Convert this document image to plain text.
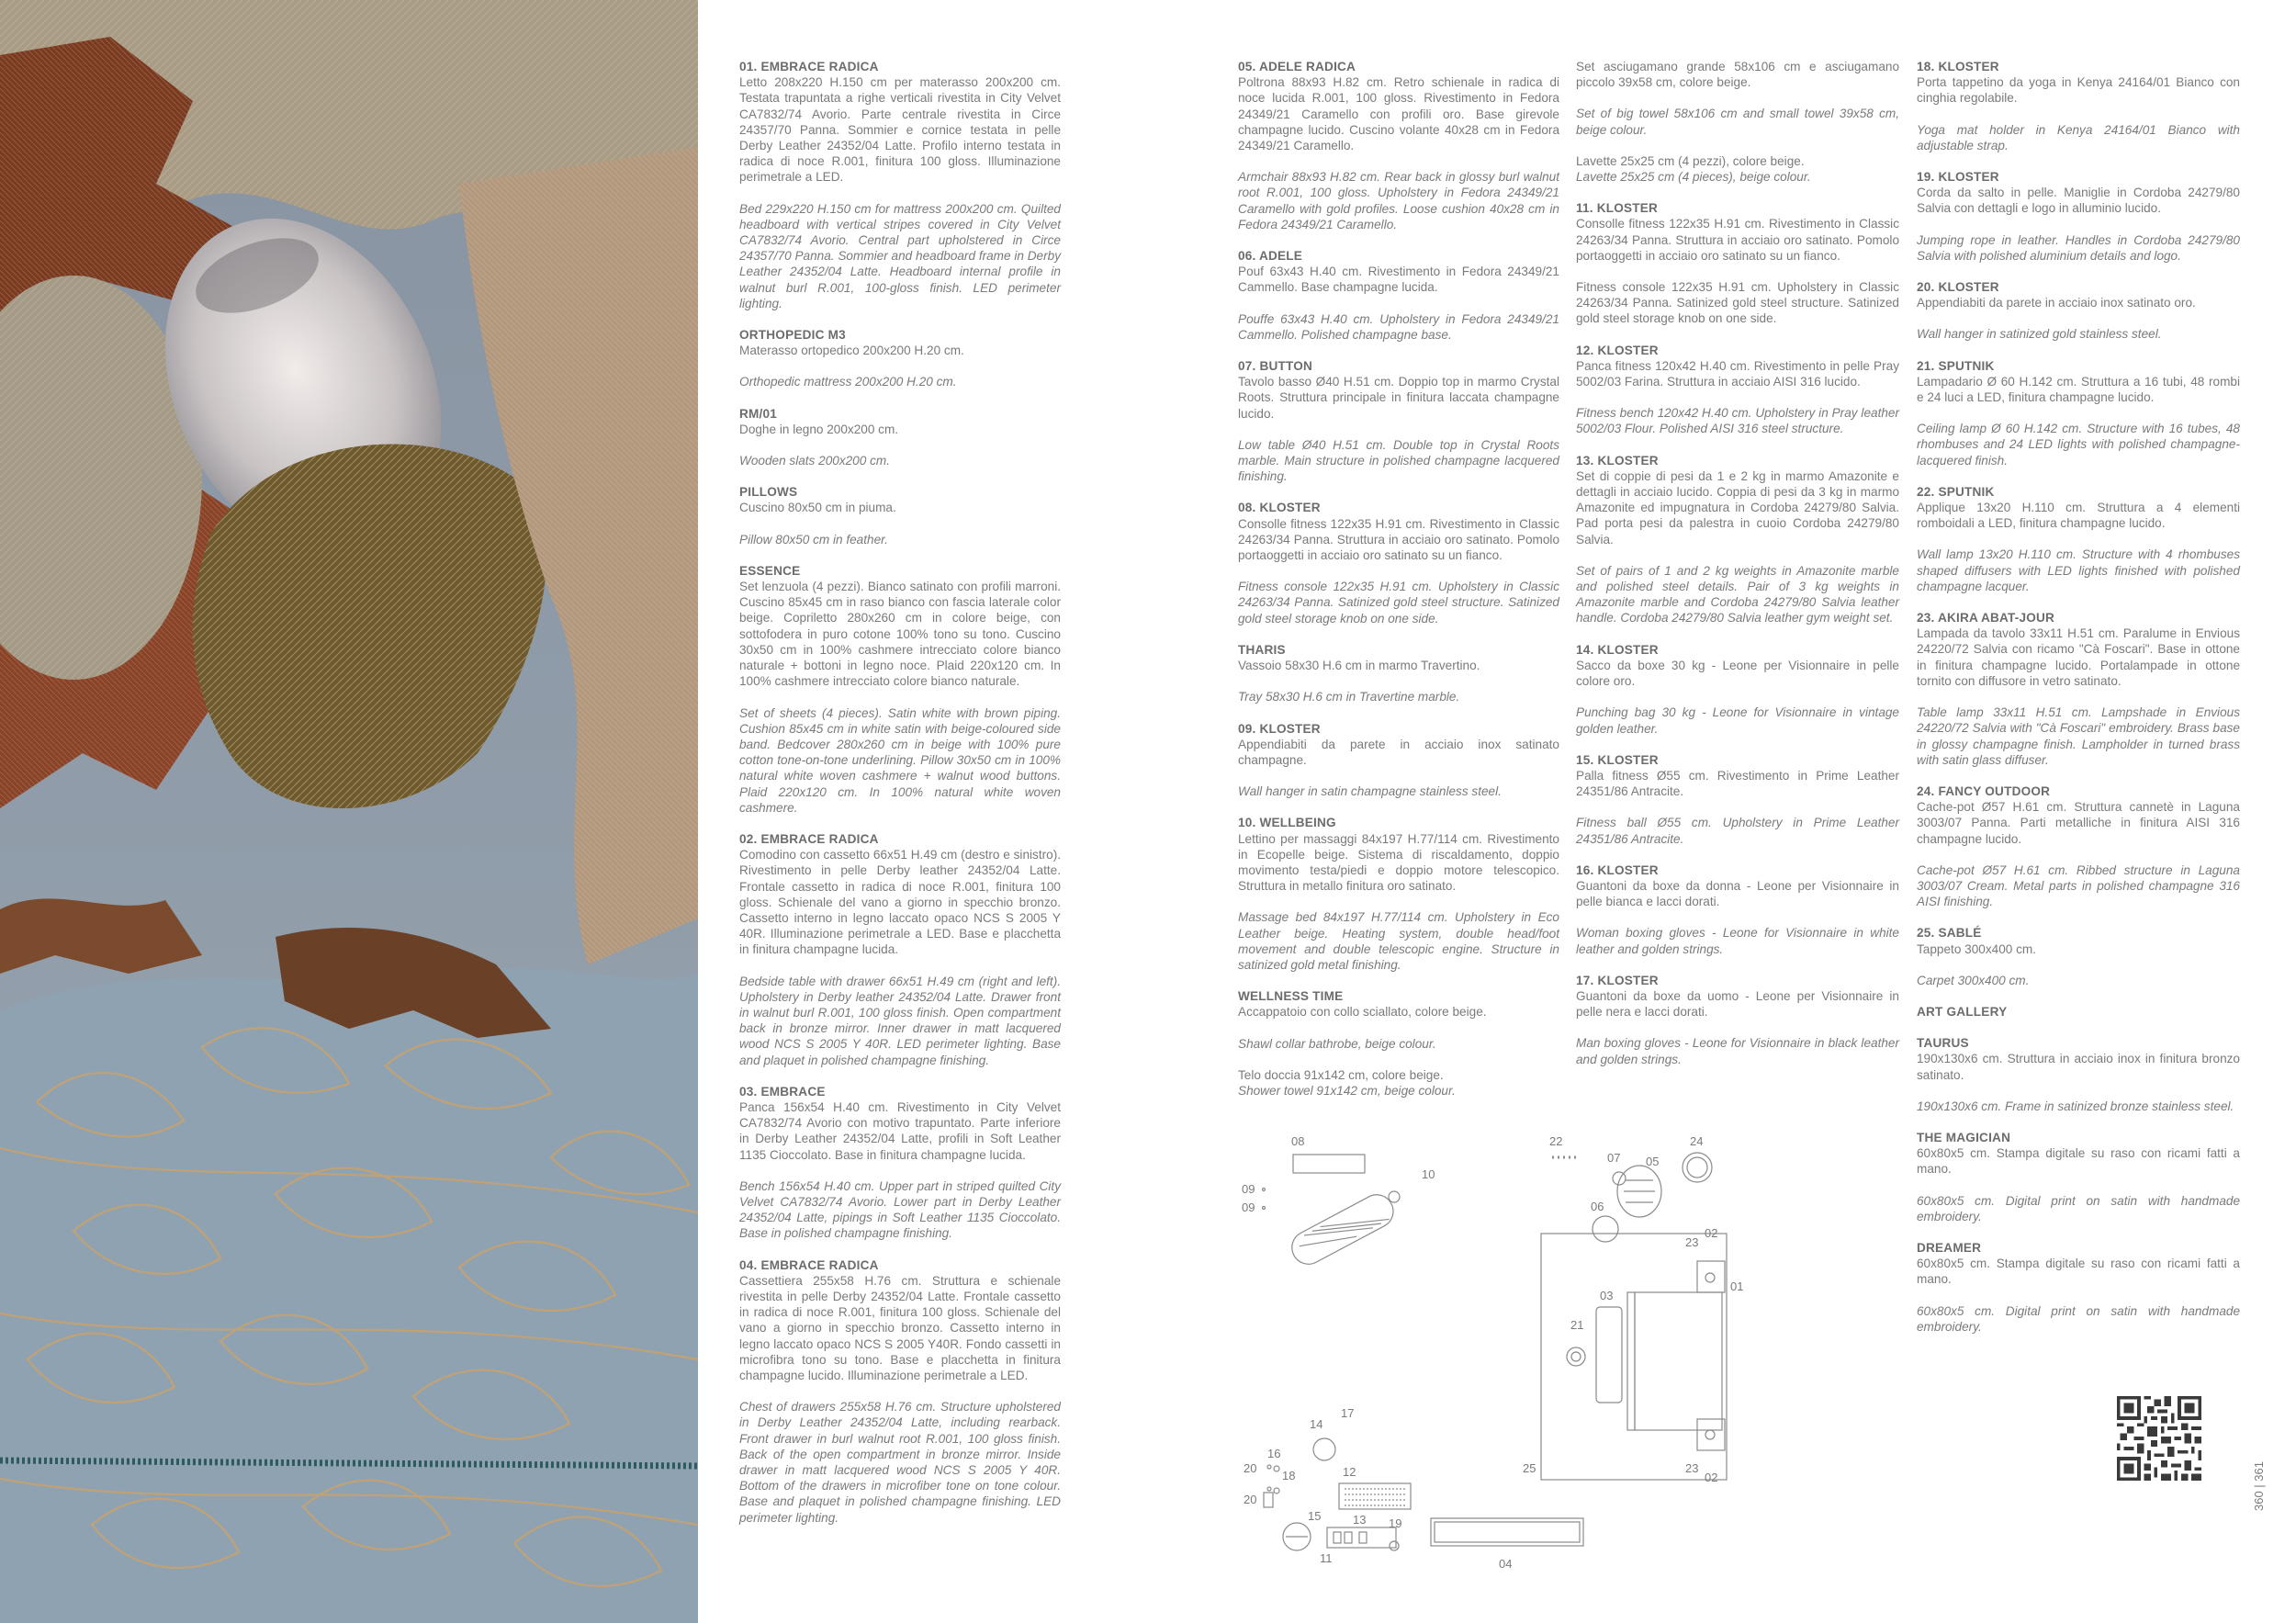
01. EMBRACE RADICA

Letto 208x220 H.150 cm per materasso 200x200 cm. Testata trapuntata a righe verticali rivestita in City Velvet CA7832/74 Avorio. Parte centrale rivestita in Circe 24357/70 Panna. Sommier e cornice testata in pelle Derby Leather 24352/04 Latte. Profilo interno testata in radica di noce R.001, finitura 100 gloss. Illuminazione perimetrale a LED.

Bed 229x220 H.150 cm for mattress 200x200 cm. Quilted headboard with vertical stripes covered in City Velvet CA7832/74 Avorio. Central part upholstered in Circe 24357/70 Panna. Sommier and headboard frame in Derby Leather 24352/04 Latte. Headboard internal profile in walnut burl R.001, 100-gloss finish. LED perimeter lighting.

ORTHOPEDIC M3

Materasso ortopedico 200x200 H.20 cm.

Orthopedic mattress 200x200 H.20 cm.

RM/01

Doghe in legno 200x200 cm.

Wooden slats 200x200 cm.

PILLOWS

Cuscino 80x50 cm in piuma.

Pillow 80x50 cm in feather.

ESSENCE

Set lenzuola (4 pezzi). Bianco satinato con profili marroni. Cuscino 85x45 cm in raso bianco con fascia laterale color beige. Copriletto 280x260 cm in colore beige, con sottofodera in puro cotone 100% tono su tono. Cuscino 30x50 cm in 100% cashmere intrecciato colore bianco naturale + bottoni in legno noce. Plaid 220x120 cm. In 100% cashmere intrecciato colore bianco naturale.

Set of sheets (4 pieces). Satin white with brown piping. Cushion 85x45 cm in white satin with beige-coloured side band. Bedcover 280x260 cm in beige with 100% pure cotton tone-on-tone underlining. Pillow 30x50 cm in 100% natural white woven cashmere + walnut wood buttons. Plaid 220x120 cm. In 100% natural white woven cashmere.

02. EMBRACE RADICA

Comodino con cassetto 66x51 H.49 cm (destro e sinistro). Rivestimento in pelle Derby leather 24352/04 Latte. Frontale cassetto in radica di noce R.001, finitura 100 gloss. Schienale del vano a giorno in specchio bronzo. Cassetto interno in legno laccato opaco NCS S 2005 Y 40R. Illuminazione perimetrale a LED. Base e placchetta in finitura champagne lucida.

Bedside table with drawer 66x51 H.49 cm (right and left). Upholstery in Derby leather 24352/04 Latte. Drawer front in walnut burl R.001, 100 gloss finish. Open compartment back in bronze mirror. Inner drawer in matt lacquered wood NCS S 2005 Y 40R. LED perimeter lighting. Base and plaquet in polished champagne finishing.

03. EMBRACE

Panca 156x54 H.40 cm. Rivestimento in City Velvet CA7832/74 Avorio con motivo trapuntato. Parte inferiore in Derby Leather 24352/04 Latte, profili in Soft Leather 1135 Cioccolato. Base in finitura champagne lucida.

Bench 156x54 H.40 cm. Upper part in striped quilted City Velvet CA7832/74 Avorio. Lower part in Derby Leather 24352/04 Latte, pipings in Soft Leather 1135 Cioccolato. Base in polished champagne finishing.

04. EMBRACE RADICA

Cassettiera 255x58 H.76 cm. Struttura e schienale rivestita in pelle Derby 24352/04 Latte. Frontale cassetto in radica di noce R.001, finitura 100 gloss. Schienale del vano a giorno in specchio bronzo. Cassetto interno in legno laccato opaco NCS S 2005 Y40R. Fondo cassetti in microfibra tono su tono. Base e placchetta in finitura champagne lucido. Illuminazione perimetrale a LED.

Chest of drawers 255x58 H.76 cm. Structure upholstered in Derby Leather 24352/04 Latte, including rearback. Front drawer in burl walnut root R.001, 100 gloss finish. Back of the open compartment in bronze mirror. Inside drawer in matt lacquered wood NCS S 2005 Y 40R. Bottom of the drawers in microfiber tone on tone colour. Base and plaquet in polished champagne finishing. LED perimeter lighting.

05. ADELE RADICA

Poltrona 88x93 H.82 cm. Retro schienale in radica di noce lucida R.001, 100 gloss. Rivestimento in Fedora 24349/21 Caramello con profili oro. Base girevole champagne lucido. Cuscino volante 40x28 cm in Fedora 24349/21 Caramello.

Armchair 88x93 H.82 cm. Rear back in glossy burl walnut root R.001, 100 gloss. Upholstery in Fedora 24349/21 Caramello with gold profiles. Loose cushion 40x28 cm in Fedora 24349/21 Caramello.

06. ADELE

Pouf 63x43 H.40 cm. Rivestimento in Fedora 24349/21 Cammello. Base champagne lucida.

Pouffe 63x43 H.40 cm. Upholstery in Fedora 24349/21 Cammello. Polished champagne base.

07. BUTTON

Tavolo basso Ø40 H.51 cm. Doppio top in marmo Crystal Roots. Struttura principale in finitura laccata champagne lucido.

Low table Ø40 H.51 cm. Double top in Crystal Roots marble. Main structure in polished champagne lacquered finishing.

08. KLOSTER

Consolle fitness 122x35 H.91 cm. Rivestimento in Classic 24263/34 Panna. Struttura in acciaio oro satinato. Pomolo portaoggetti in acciaio oro satinato su un fianco.

Fitness console 122x35 H.91 cm. Upholstery in Classic 24263/34 Panna. Satinized gold steel structure. Satinized gold steel storage knob on one side.

THARIS

Vassoio 58x30 H.6 cm in marmo Travertino.

Tray 58x30 H.6 cm in Travertine marble.

09. KLOSTER

Appendiabiti da parete in acciaio inox satinato champagne.

Wall hanger in satin champagne stainless steel.

10. WELLBEING

Lettino per massaggi 84x197 H.77/114 cm. Rivestimento in Ecopelle beige. Sistema di riscaldamento, doppio movimento testa/piedi e doppio motore telescopico. Struttura in metallo finitura oro satinato.

Massage bed 84x197 H.77/114 cm. Upholstery in Eco Leather beige. Heating system, double head/foot movement and double telescopic engine. Structure in satinized gold metal finishing.

WELLNESS TIME

Accappatoio con collo sciallato, colore beige.

Shawl collar bathrobe, beige colour.

Telo doccia 91x142 cm, colore beige.

Shower towel 91x142 cm, beige colour.

Set asciugamano grande 58x106 cm e asciugamano piccolo 39x58 cm, colore beige.

Set of big towel 58x106 cm and small towel 39x58 cm, beige colour.

Lavette 25x25 cm (4 pezzi), colore beige.

Lavette 25x25 cm (4 pieces), beige colour.

11. KLOSTER

Consolle fitness 122x35 H.91 cm. Rivestimento in Classic 24263/34 Panna. Struttura in acciaio oro satinato. Pomolo portaoggetti in acciaio oro satinato su un fianco.

Fitness console 122x35 H.91 cm. Upholstery in Classic 24263/34 Panna. Satinized gold steel structure. Satinized gold steel storage knob on one side.

12. KLOSTER

Panca fitness 120x42 H.40 cm. Rivestimento in pelle Pray 5002/03 Farina. Struttura in acciaio AISI 316 lucido.

Fitness bench 120x42 H.40 cm. Upholstery in Pray leather 5002/03 Flour. Polished AISI 316 steel structure.

13. KLOSTER

Set di coppie di pesi da 1 e 2 kg in marmo Amazonite e dettagli in acciaio lucido. Coppia di pesi da 3 kg in marmo Amazonite ed impugnatura in Cordoba 24279/80 Salvia. Pad porta pesi da palestra in cuoio Cordoba 24279/80 Salvia.

Set of pairs of 1 and 2 kg weights in Amazonite marble and polished steel details. Pair of 3 kg weights in Amazonite marble and Cordoba 24279/80 Salvia leather handle. Cordoba 24279/80 Salvia leather gym weight set.

14. KLOSTER

Sacco da boxe 30 kg - Leone per Visionnaire in pelle colore oro.

Punching bag 30 kg - Leone for Visionnaire in vintage golden leather.

15. KLOSTER

Palla fitness Ø55 cm. Rivestimento in Prime Leather 24351/86 Antracite.

Fitness ball Ø55 cm. Upholstery in Prime Leather 24351/86 Antracite.

16. KLOSTER

Guantoni da boxe da donna - Leone per Visionnaire in pelle bianca e lacci dorati.

Woman boxing gloves - Leone for Visionnaire in white leather and golden strings.

17. KLOSTER

Guantoni da boxe da uomo - Leone per Visionnaire in pelle nera e lacci dorati.

Man boxing gloves - Leone for Visionnaire in black leather and golden strings.

18. KLOSTER

Porta tappetino da yoga in Kenya 24164/01 Bianco con cinghia regolabile.

Yoga mat holder in Kenya 24164/01 Bianco with adjustable strap.

19. KLOSTER

Corda da salto in pelle. Maniglie in Cordoba 24279/80 Salvia con dettagli e logo in alluminio lucido.

Jumping rope in leather. Handles in Cordoba 24279/80 Salvia with polished aluminium details and logo.

20. KLOSTER

Appendiabiti da parete in acciaio inox satinato oro.

Wall hanger in satinized gold stainless steel.

21. SPUTNIK

Lampadario Ø 60 H.142 cm. Struttura a 16 tubi, 48 rombi e 24 luci a LED, finitura champagne lucido.

Ceiling lamp Ø 60 H.142 cm. Structure with 16 tubes, 48 rhombuses and 24 LED lights with polished champagne-lacquered finish.

22. SPUTNIK

Applique 13x20 H.110 cm. Struttura a 4 elementi romboidali a LED, finitura champagne lucido.

Wall lamp 13x20 H.110 cm. Structure with 4 rhombuses shaped diffusers with LED lights finished with polished champagne lacquer.

23. AKIRA ABAT-JOUR

Lampada da tavolo 33x11 H.51 cm. Paralume in Envious 24220/72 Salvia con ricamo "Cà Foscari". Base in ottone in finitura champagne lucido. Portalampade in ottone tornito con diffusore in vetro satinato.

Table lamp 33x11 H.51 cm. Lampshade in Envious 24220/72 Salvia with "Cà Foscari" embroidery. Brass base in glossy champagne finish. Lampholder in turned brass with satin glass diffuser.

24. FANCY OUTDOOR

Cache-pot Ø57 H.61 cm. Struttura cannetè in Laguna 3003/07 Panna. Parti metalliche in finitura AISI 316 champagne lucido.

Cache-pot Ø57 H.61 cm. Ribbed structure in Laguna 3003/07 Cream. Metal parts in polished champagne 316 AISI finishing.

25. SABLÉ

Tappeto 300x400 cm.

Carpet 300x400 cm.

ART GALLERY
TAURUS

190x130x6 cm. Struttura in acciaio inox in finitura bronzo satinato.

190x130x6 cm. Frame in satinized bronze stainless steel.

THE MAGICIAN

60x80x5 cm. Stampa digitale su raso con ricami fatti a mano.

60x80x5 cm. Digital print on satin with handmade embroidery.

DREAMER

60x80x5 cm. Stampa digitale su raso con ricami fatti a mano.

60x80x5 cm. Digital print on satin with handmade embroidery.

08
09
09
10
22
07 05
24
06
23
02
03
01
21
14
17
16
20
18	12
20
15	13 19
11	04
25	23
02	360 | 361
